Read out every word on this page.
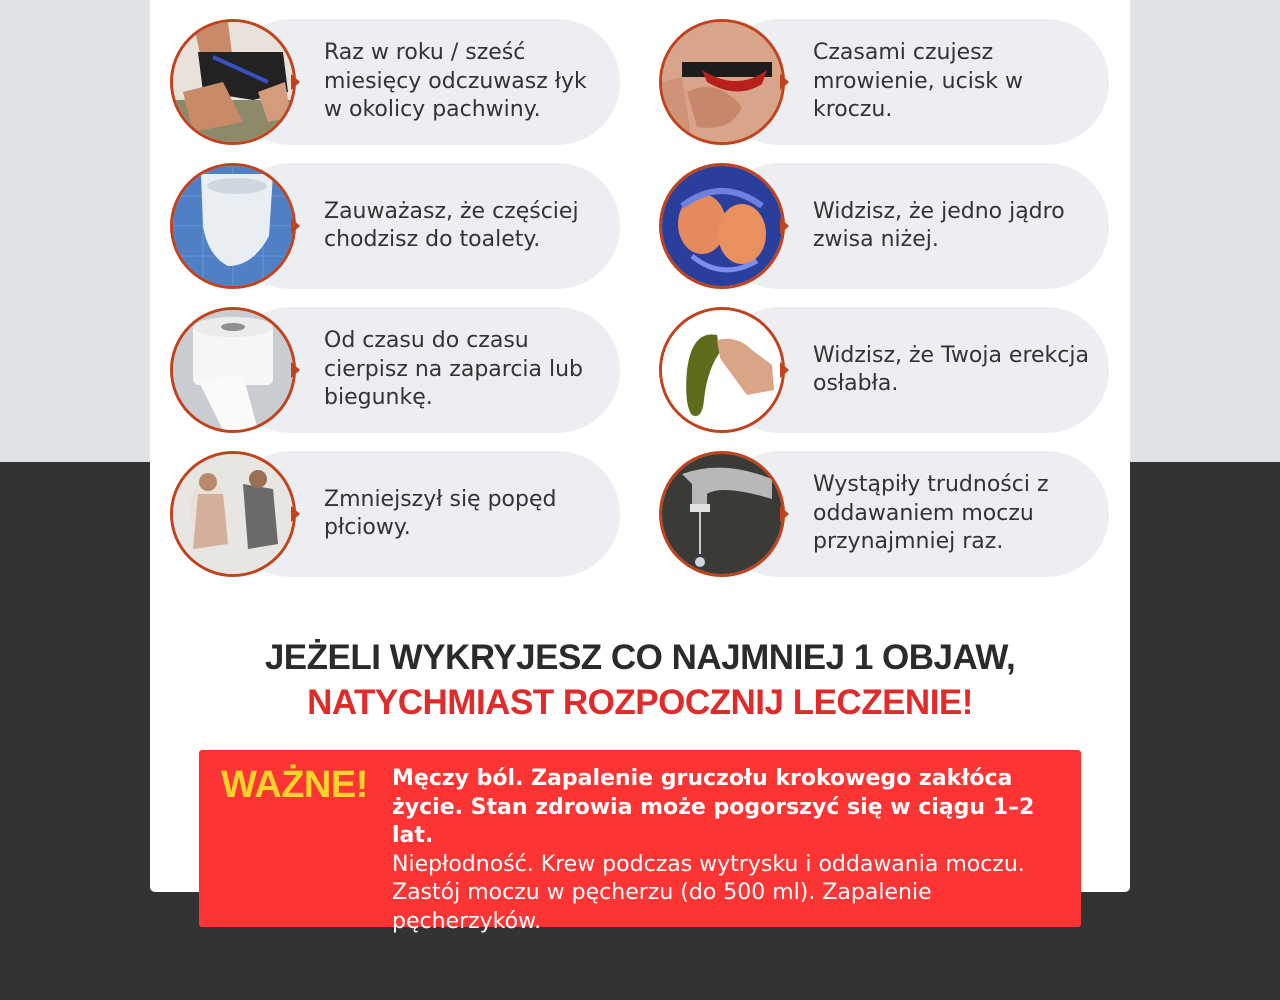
Raz w roku / sześć miesięcy odczuwasz łyk w okolicy pachwiny.
Czasami czujesz mrowienie, ucisk w kroczu.
Zauważasz, że częściej chodzisz do toalety.
Widzisz, że jedno jądro zwisa niżej.
Od czasu do czasu cierpisz na zaparcia lub biegunkę.
Widzisz, że Twoja erekcja osłabła.
Zmniejszył się popęd płciowy.
Wystąpiły trudności z oddawaniem moczu przynajmniej raz.
JEŻELI WYKRYJESZ CO NAJMNIEJ 1 OBJAW,
NATYCHMIAST ROZPOCZNIJ LECZENIE!
WAŻNE! Męczy ból. Zapalenie gruczołu krokowego zakłóca życie. Stan zdrowia może pogorszyć się w ciągu 1–2 lat.
Niepłodność. Krew podczas wytrysku i oddawania moczu. Zastój moczu w pęcherzu (do 500 ml). Zapalenie pęcherzyków.
